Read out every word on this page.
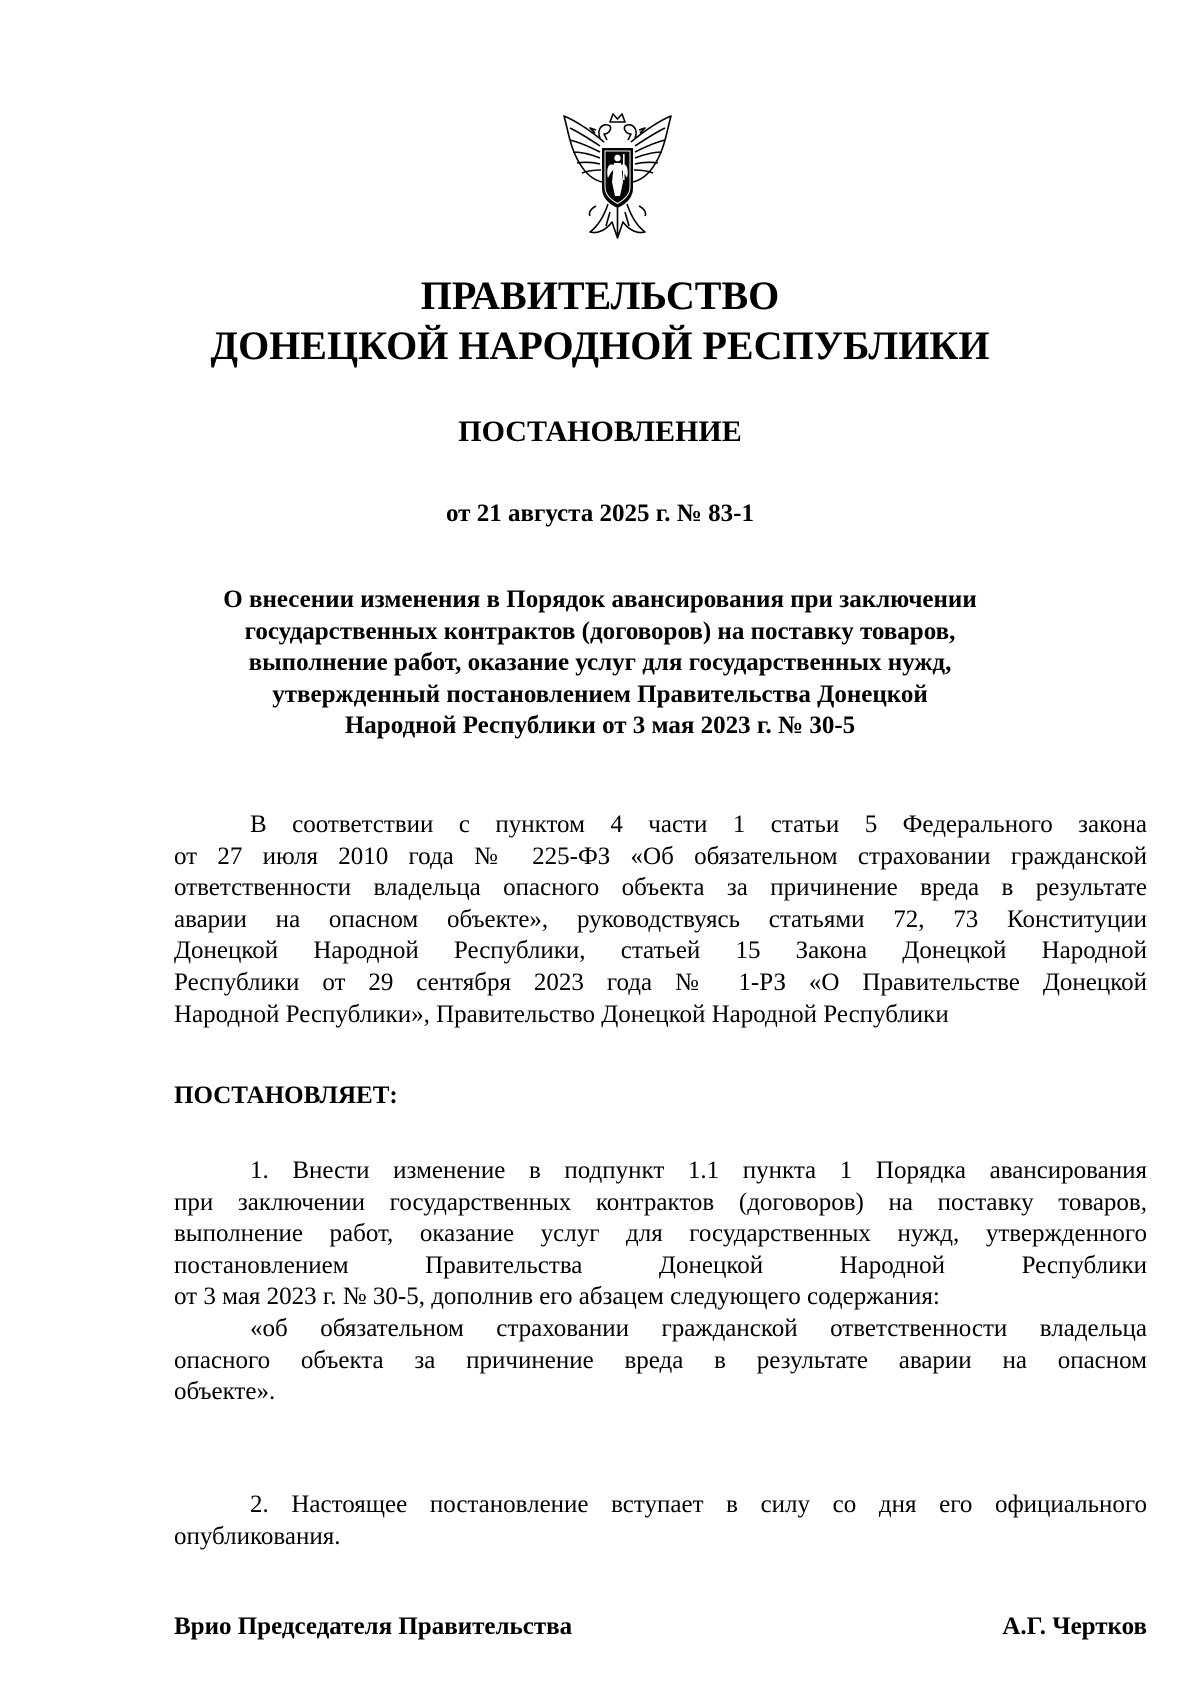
ПРАВИТЕЛЬСТВО
ДОНЕЦКОЙ НАРОДНОЙ РЕСПУБЛИКИ
ПОСТАНОВЛЕНИЕ
от 21 августа 2025 г. № 83-1
О внесении изменения в Порядок авансирования при заключении
государственных контрактов (договоров) на поставку товаров,
выполнение работ, оказание услуг для государственных нужд,
утвержденный постановлением Правительства Донецкой
Народной Республики от 3 мая 2023 г. № 30-5
В соответствии с пунктом 4 части 1 статьи 5 Федерального закона
от 27 июля 2010 года № 225-ФЗ «Об обязательном страховании гражданской
ответственности владельца опасного объекта за причинение вреда в результате
аварии на опасном объекте», руководствуясь статьями 72, 73 Конституции
Донецкой Народной Республики, статьей 15 Закона Донецкой Народной
Республики от 29 сентября 2023 года № 1-РЗ «О Правительстве Донецкой
Народной Республики», Правительство Донецкой Народной Республики
ПОСТАНОВЛЯЕТ:
1. Внести изменение в подпункт 1.1 пункта 1 Порядка авансирования
при заключении государственных контрактов (договоров) на поставку товаров,
выполнение работ, оказание услуг для государственных нужд, утвержденного
постановлением Правительства Донецкой Народной Республики
от 3 мая 2023 г. № 30-5, дополнив его абзацем следующего содержания:
«об обязательном страховании гражданской ответственности владельца
опасного объекта за причинение вреда в результате аварии на опасном
объекте».
2. Настоящее постановление вступает в силу со дня его официального
опубликования.
Врио Председателя Правительства	А.Г. Чертков
